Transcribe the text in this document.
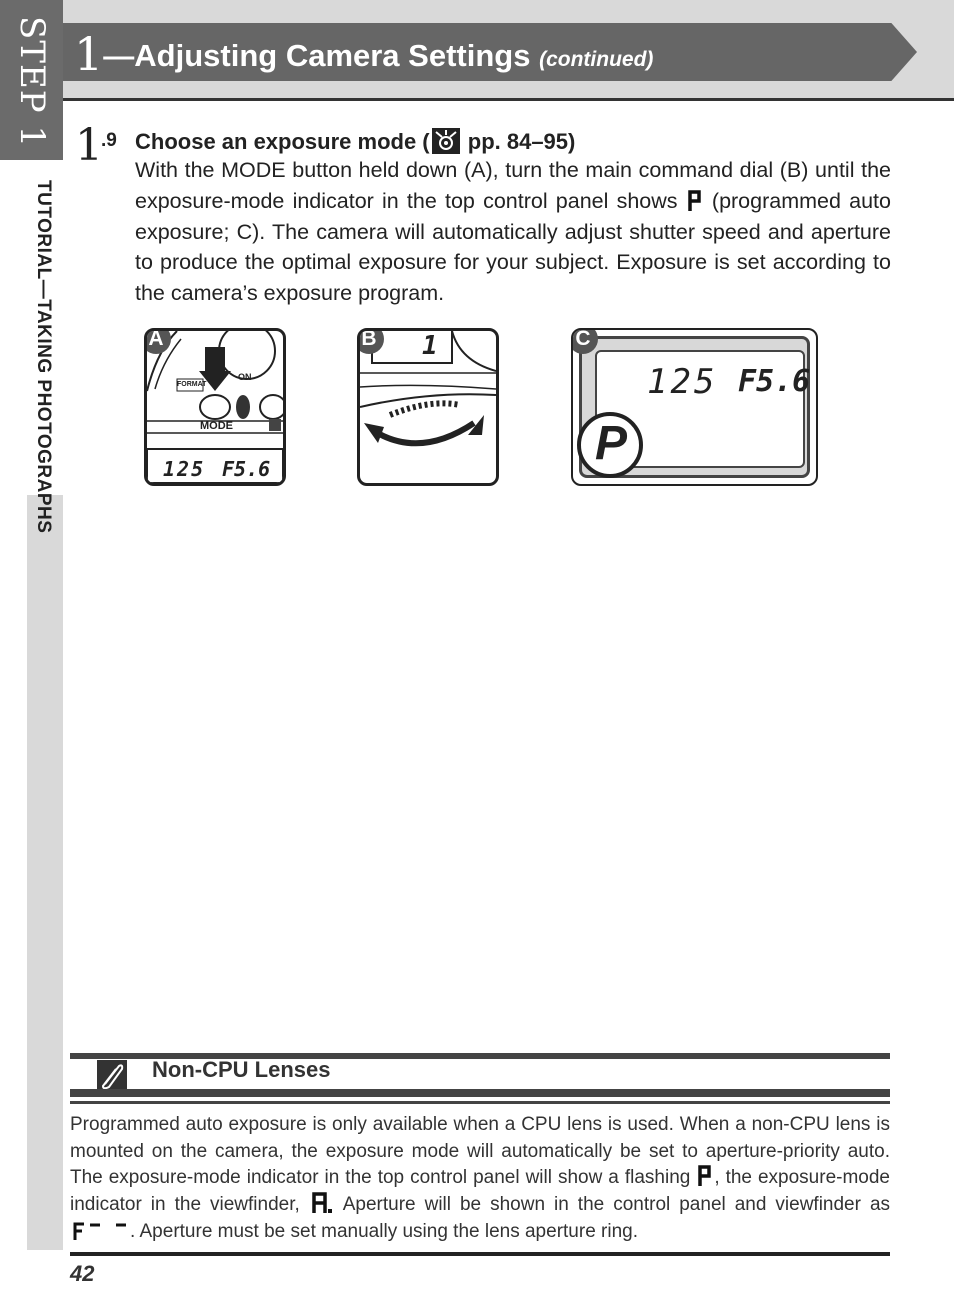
STEP 1
TUTORIAL—TAKING PHOTOGRAPHS
1—Adjusting Camera Settings (continued)
1
.9 Choose an exposure mode ( pp. 84–95)
With the MODE button held down (A), turn the main command dial (B) until the exposure-mode indicator in the top control panel shows (programmed auto exposure; C). The camera will automatically adjust shutter speed and aperture to produce the optimal exposure for your subject. Exposure is set according to the camera’s exposure program.
FORMAT
ON
MODE
125 F5.6
A	1
B
125 F5.6
P
C
Non-CPU Lenses
Programmed auto exposure is only available when a CPU lens is used. When a non-CPU lens is mounted on the camera, the exposure mode will automatically be set to aperture-priority auto. The exposure-mode indicator in the top control panel will show a flashing , the exposure-mode indicator in the viewfinder, Aperture will be shown in the control panel and viewfinder as . Aperture must be set manually using the lens aperture ring.
42
